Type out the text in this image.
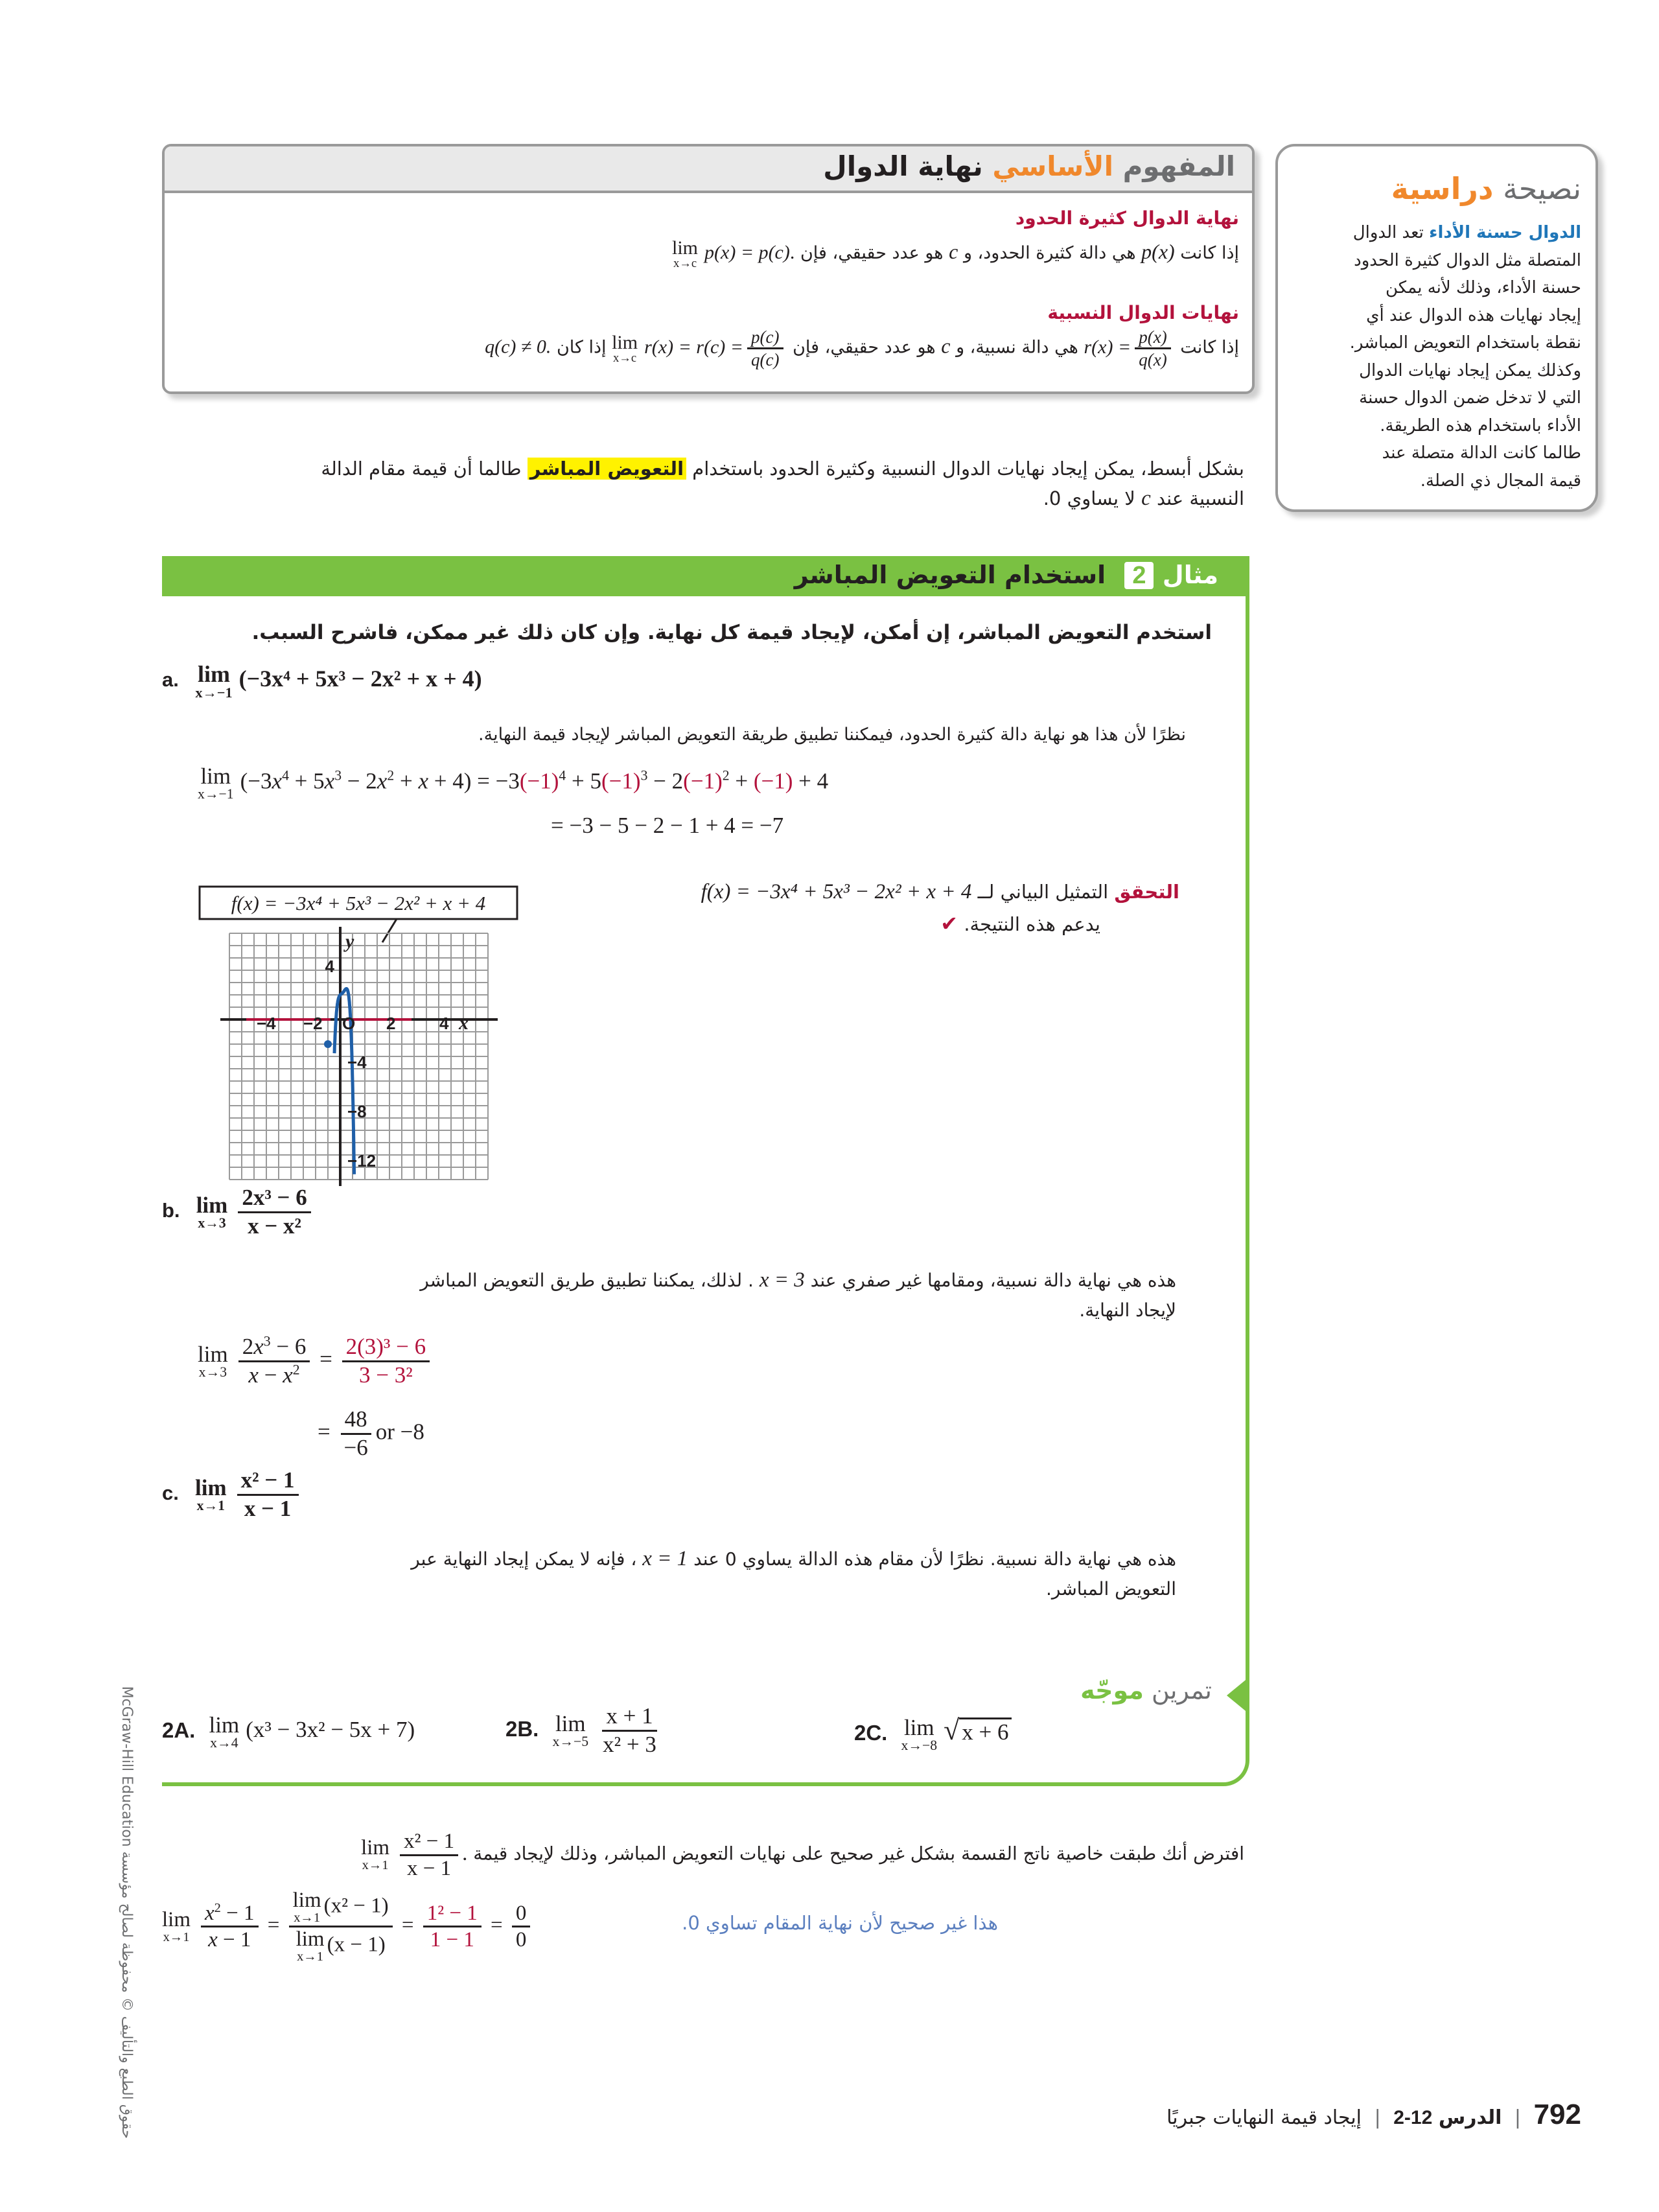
نصيحة دراسية
الدوال حسنة الأداء تعد الدوال
المتصلة مثل الدوال كثيرة الحدود
حسنة الأداء، وذلك لأنه يمكن
إيجاد نهايات هذه الدوال عند أي
نقطة باستخدام التعويض المباشر.
وكذلك يمكن إيجاد نهايات الدوال
التي لا تدخل ضمن الدوال حسنة
الأداء باستخدام هذه الطريقة.
طالما كانت الدالة متصلة عند
قيمة المجال ذي الصلة.
المفهوم الأساسي نهاية الدوال
نهاية الدوال كثيرة الحدود
إذا كانت p(x) هي دالة كثيرة الحدود، و c هو عدد حقيقي، فإن
lim
x→c
p(x) = p(c).
نهايات الدوال النسبية
إذا كانت $r(x) = \frac{p(x)}{q(x)}$
هي دالة نسبية، و c هو عدد حقيقي، فإن
lim
x→c
$r(x) = r(c) = \frac{p(c)}{q(c)}$
إذا كان q(c) ≠ 0.
بشكل أبسط، يمكن إيجاد نهايات الدوال النسبية وكثيرة الحدود باستخدام التعويض المباشر طالما أن قيمة مقام الدالة
النسبية عند c لا يساوي 0.
مثال 2 استخدام التعويض المباشر
استخدم التعويض المباشر، إن أمكن، لإيجاد قيمة كل نهاية. وإن كان ذلك غير ممكن، فاشرح السبب.
a. lim
x→−1
(−3x⁴ + 5x³ − 2x² + x + 4)
نظرًا لأن هذا هو نهاية دالة كثيرة الحدود، فيمكننا تطبيق طريقة التعويض المباشر لإيجاد قيمة النهاية.
lim
x→−1
$(-3x^4 + 5x^3 - 2x^2 + x + 4) = -3(-1)^4 + 5(-1)^3 - 2(-1)^2 + (-1) + 4$
= −3 − 5 − 2 − 1 + 4 = −7
التحقق التمثيل البياني لــ f(x) = −3x⁴ + 5x³ − 2x² + x + 4
يدعم هذه النتيجة. ✔
f(x) = −3x⁴ + 5x³ − 2x² + x + 4
−4 −2 O 2	4 x
y
4
−4
−8
−12
b. lim
$x\to 3 \frac{\text{2x³ − 6}}{\text{x − x²}}$
هذه هي نهاية دالة نسبية، ومقامها غير صفري عند x = 3 . لذلك، يمكننا تطبيق طريق التعويض المباشر
لإيجاد النهاية.
lim
$x\to 3 \frac{2x^3 - 6}{x - x^2} = \frac{\text{2(3)³ − 6}}{\text{3 − 3²}}$
= $\frac{48}{-6}$ or −8
c. lim
$x\to 1 \frac{\text{x² − 1}}{x - 1}$
هذه هي نهاية دالة نسبية. نظرًا لأن مقام هذه الدالة يساوي 0 عند x = 1 ، فإنه لا يمكن إيجاد النهاية عبر
التعويض المباشر.
تمرين موجّه
2A. lim
x→4
(x³ − 3x² − 5x + 7)	2B. lim
$x\to-5 \frac{x + 1}{\text{x² + 3}}$	2C. lim
x→−8 √ x + 6
افترض أنك طبقت خاصية ناتج القسمة بشكل غير صحيح على نهايات التعويض المباشر، وذلك لإيجاد قيمة
lim
$x\to 1 \frac{\text{x² − 1}}{x - 1}$ .
lim
$x\to 1 \frac{x^2 - 1}{x - 1} = \lim$
x→1
(x² − 1)
lim
x→1
$(x - 1) = \frac{\text{1² − 1}}{1 - 1} = \frac{0}{0}$	هذا غير صحيح لأن نهاية المقام تساوي 0.
حقوق الطبع والتأليف © محفوظة لصالح مؤسسة McGraw-Hill Education	792 | الدرس 12-2 | إيجاد قيمة النهايات جبريًا
